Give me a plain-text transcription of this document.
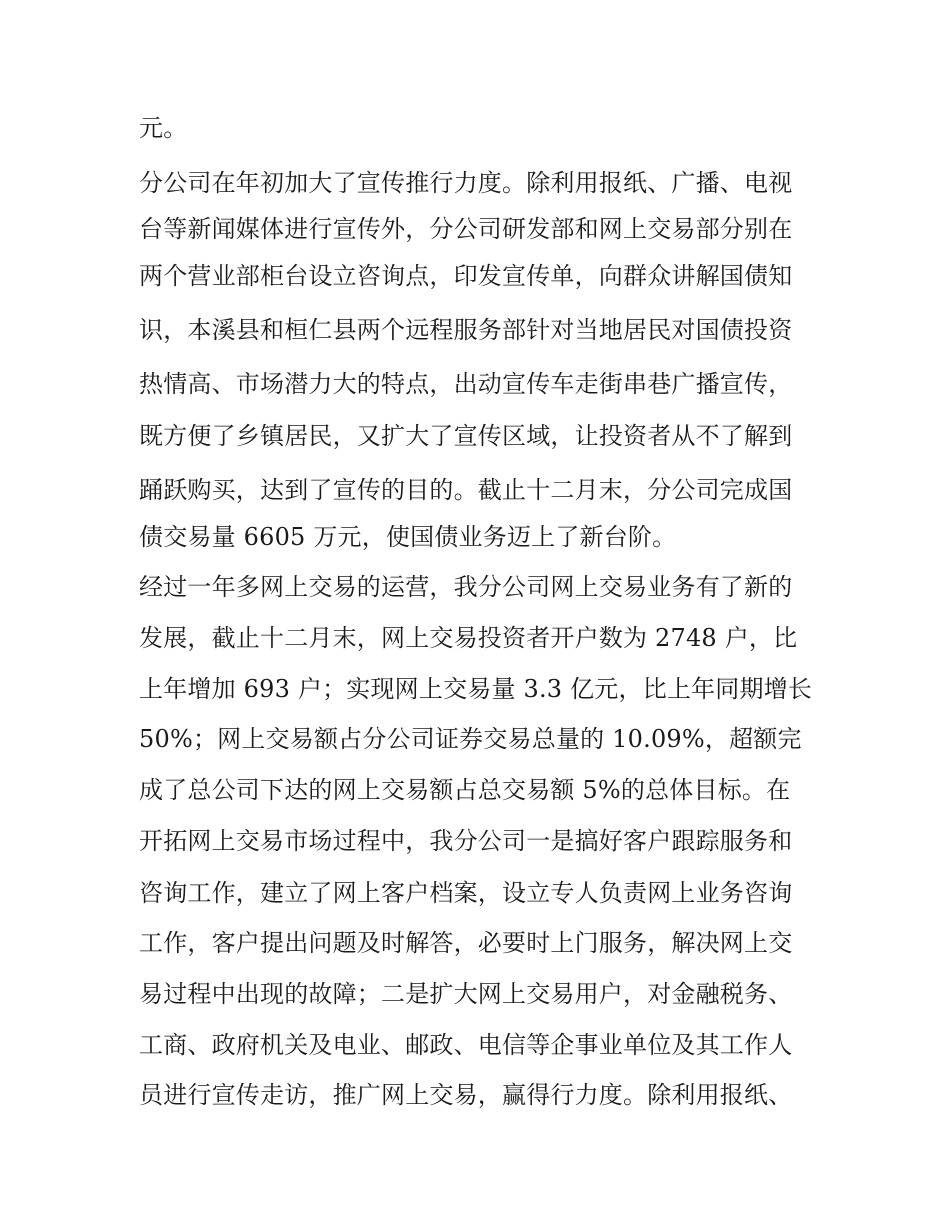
元。
分公司在年初加大了宣传推行力度。除利用报纸、广播、电视
台等新闻媒体进行宣传外，分公司研发部和网上交易部分别在
两个营业部柜台设立咨询点，印发宣传单，向群众讲解国债知
识，本溪县和桓仁县两个远程服务部针对当地居民对国债投资
热情高、市场潜力大的特点，出动宣传车走街串巷广播宣传，
既方便了乡镇居民，又扩大了宣传区域，让投资者从不了解到
踊跃购买，达到了宣传的目的。截止十二月末，分公司完成国
债交易量 6605 万元，使国债业务迈上了新台阶。
经过一年多网上交易的运营，我分公司网上交易业务有了新的
发展，截止十二月末，网上交易投资者开户数为 2748 户，比
上年增加 693 户；实现网上交易量 3.3 亿元，比上年同期增长
50%；网上交易额占分公司证券交易总量的 10.09%，超额完
成了总公司下达的网上交易额占总交易额 5%的总体目标。在
开拓网上交易市场过程中，我分公司一是搞好客户跟踪服务和
咨询工作，建立了网上客户档案，设立专人负责网上业务咨询
工作，客户提出问题及时解答，必要时上门服务，解决网上交
易过程中出现的故障；二是扩大网上交易用户，对金融税务、
工商、政府机关及电业、邮政、电信等企事业单位及其工作人
员进行宣传走访，推广网上交易，赢得行力度。除利用报纸、
